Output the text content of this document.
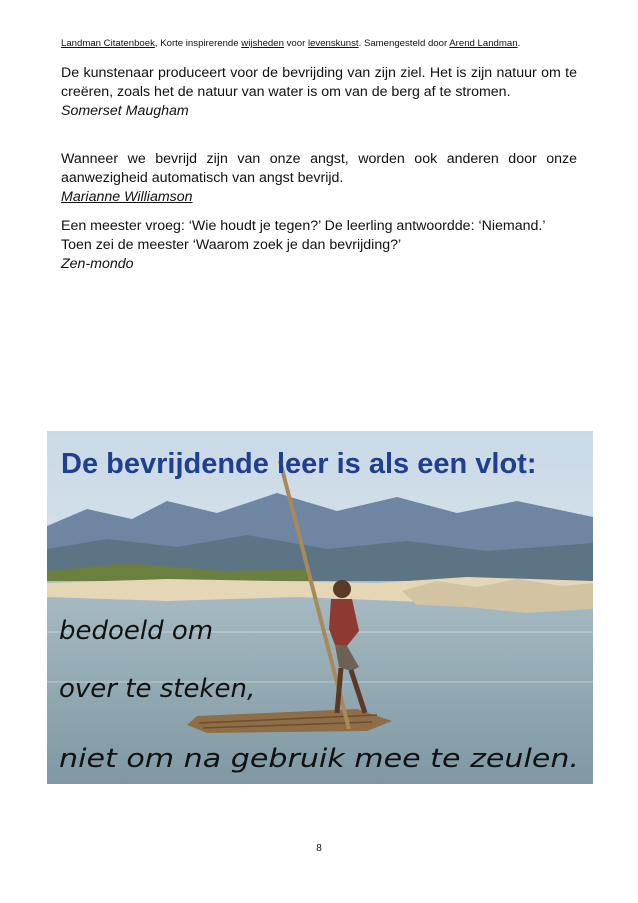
Landman Citatenboek, Korte inspirerende wijsheden voor levenskunst. Samengesteld door Arend Landman.
De kunstenaar produceert voor de bevrijding van zijn ziel. Het is zijn natuur om te creëren, zoals het de natuur van water is om van de berg af te stromen.
Somerset Maugham
Wanneer we bevrijd zijn van onze angst, worden ook anderen door onze aanwezigheid automatisch van angst bevrijd.
Marianne Williamson
Een meester vroeg: ‘Wie houdt je tegen?’ De leerling antwoordde: ‘Niemand.’
Toen zei de meester ‘Waarom zoek je dan bevrijding?’
Zen-mondo
De bevrijdende leer is als een vlot:
bedoeld om
over te steken,
niet om na gebruik mee te zeulen.
8
